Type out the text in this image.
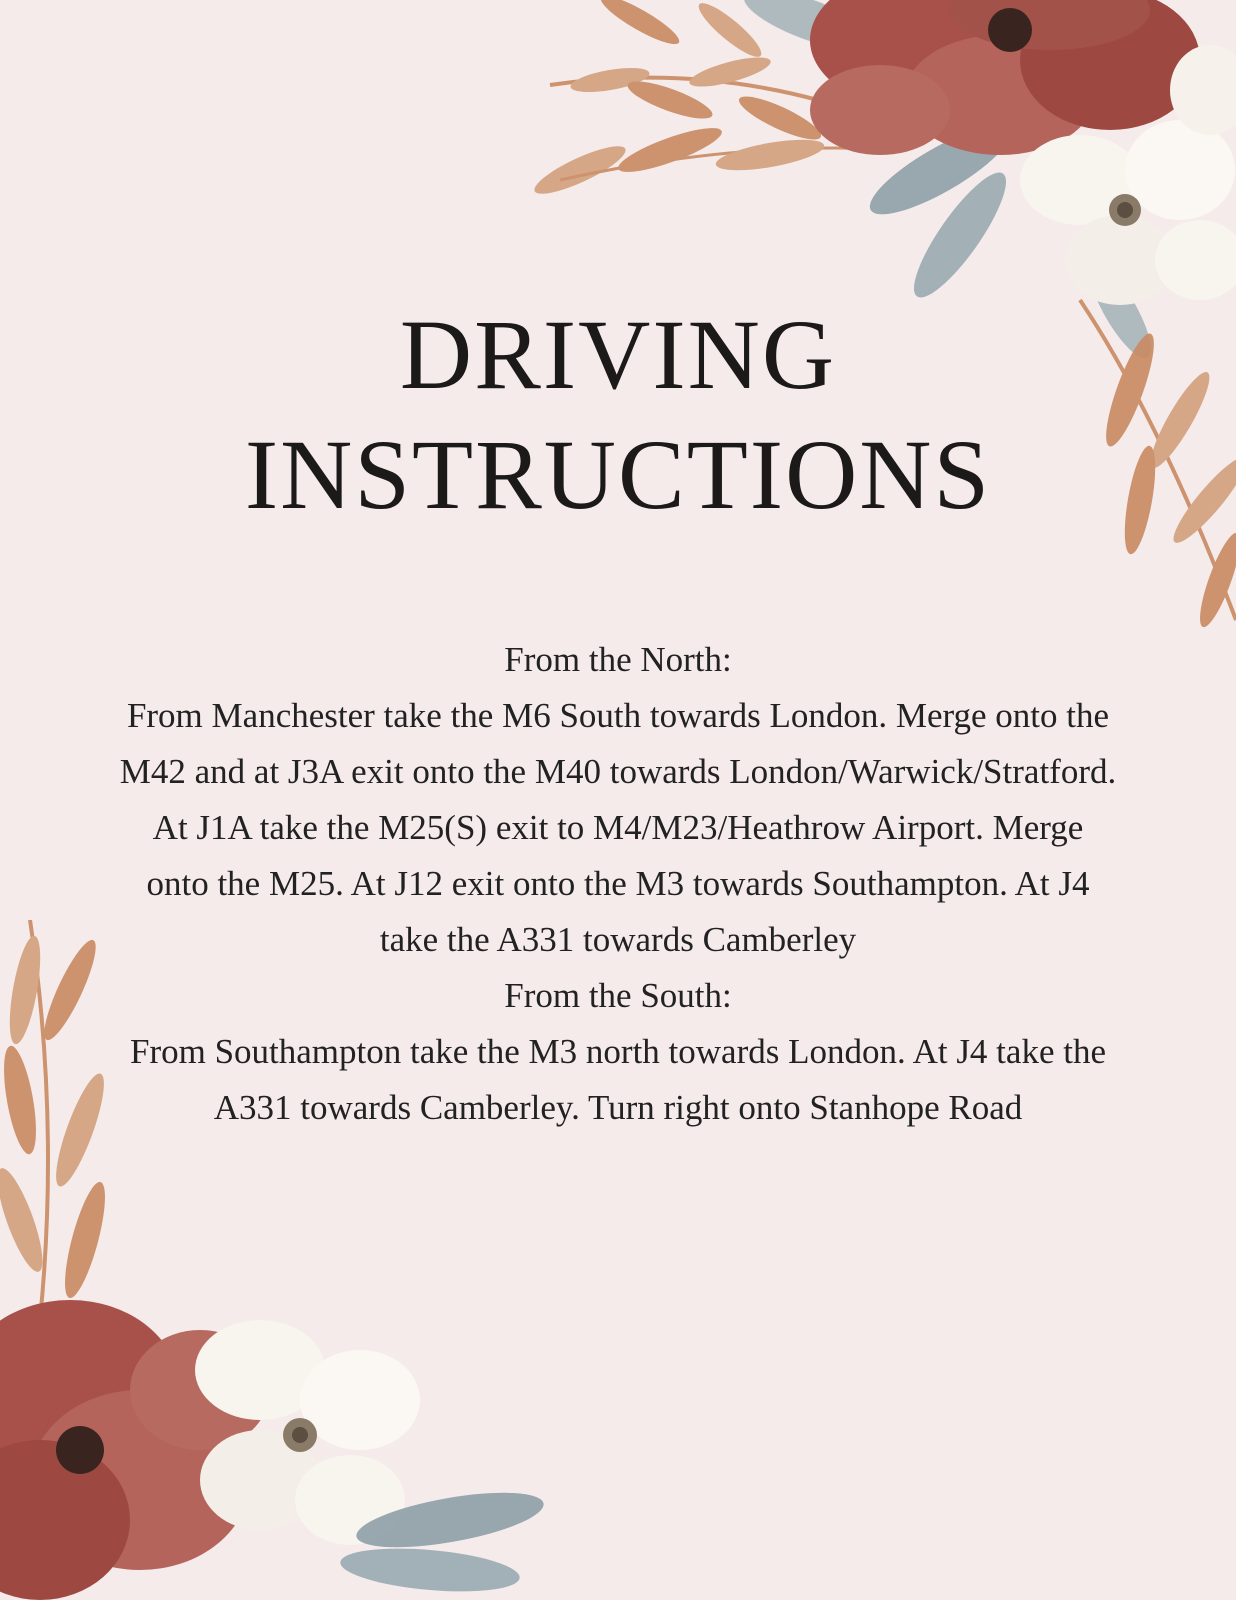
DRIVING
INSTRUCTIONS

From the North:

From Manchester take the M6 South towards London. Merge onto the M42 and at J3A exit onto the M40 towards London/Warwick/Stratford. At J1A take the M25(S) exit to M4/M23/Heathrow Airport. Merge onto the M25. At J12 exit onto the M3 towards Southampton. At J4 take the A331 towards Camberley

From the South:

From Southampton take the M3 north towards London. At J4 take the A331 towards Camberley. Turn right onto Stanhope Road
